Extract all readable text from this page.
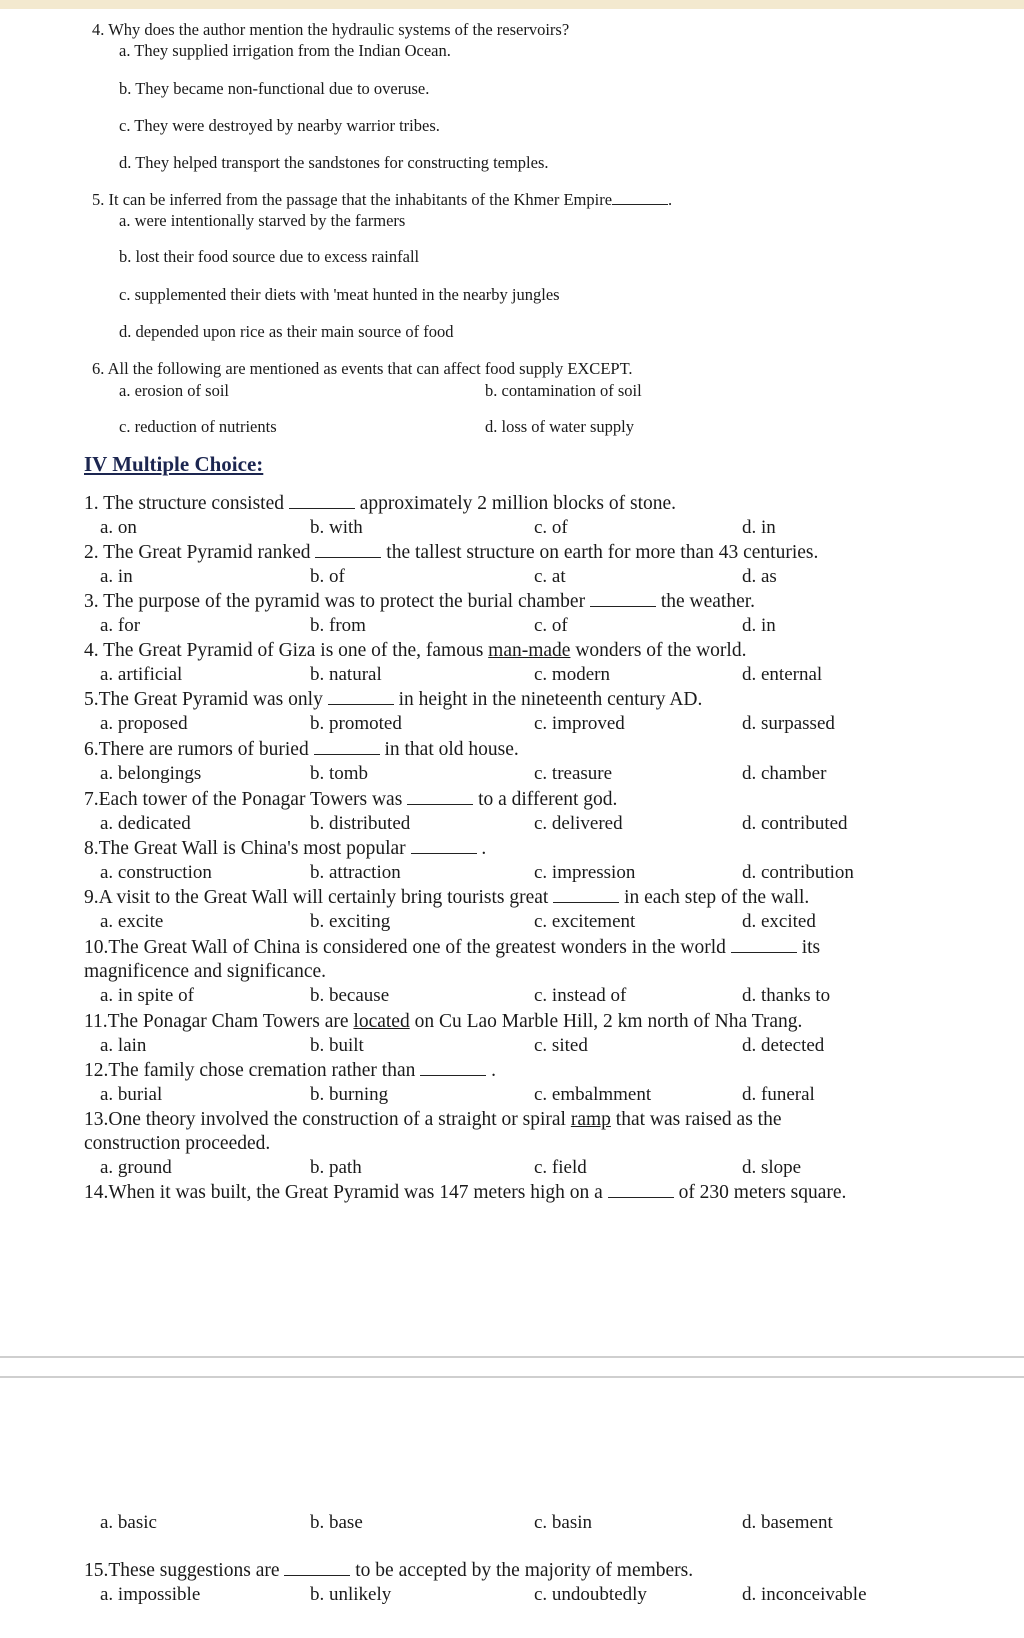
4. Why does the author mention the hydraulic systems of the reservoirs?
a. They supplied irrigation from the Indian Ocean.
b. They became non-functional due to overuse.
c. They were destroyed by nearby warrior tribes.
d. They helped transport the sandstones for constructing temples.
5. It can be inferred from the passage that the inhabitants of the Khmer Empire	.
a. were intentionally starved by the farmers
b. lost their food source due to excess rainfall
c. supplemented their diets with 'meat hunted in the nearby jungles
d. depended upon rice as their main source of food
6. All the following are mentioned as events that can affect food supply EXCEPT.
a. erosion of soil	b. contamination of soil
c. reduction of nutrients	d. loss of water supply
IV Multiple Choice:
1. The structure consisted	approximately 2 million blocks of stone.
a. on	b. with	c. of	d. in
2. The Great Pyramid ranked	the tallest structure on earth for more than 43 centuries.
a. in	b. of	c. at	d. as
3. The purpose of the pyramid was to protect the burial chamber	the weather.
a. for	b. from	c. of	d. in
4. The Great Pyramid of Giza is one of the, famous man-made wonders of the world.
a. artificial	b. natural	c. modern	d. enternal
5.The Great Pyramid was only	in height in the nineteenth century AD.
a. proposed	b. promoted	c. improved	d. surpassed
6.There are rumors of buried	in that old house.
a. belongings	b. tomb	c. treasure	d. chamber
7.Each tower of the Ponagar Towers was	to a different god.
a. dedicated	b. distributed	c. delivered	d. contributed
8.The Great Wall is China's most popular	.
a. construction	b. attraction	c. impression	d. contribution
9.A visit to the Great Wall will certainly bring tourists great	in each step of the wall.
a. excite	b. exciting	c. excitement	d. excited
10.The Great Wall of China is considered one of the greatest wonders in the world	its
magnificence and significance.
a. in spite of	b. because	c. instead of	d. thanks to
11.The Ponagar Cham Towers are located on Cu Lao Marble Hill, 2 km north of Nha Trang.
a. lain	b. built	c. sited	d. detected
12.The family chose cremation rather than	.
a. burial	b. burning	c. embalmment	d. funeral
13.One theory involved the construction of a straight or spiral ramp that was raised as the
construction proceeded.
a. ground	b. path	c. field	d. slope
14.When it was built, the Great Pyramid was 147 meters high on a	of 230 meters square.
a. basic	b. base	c. basin	d. basement
15.These suggestions are	to be accepted by the majority of members.
a. impossible	b. unlikely	c. undoubtedly	d. inconceivable
